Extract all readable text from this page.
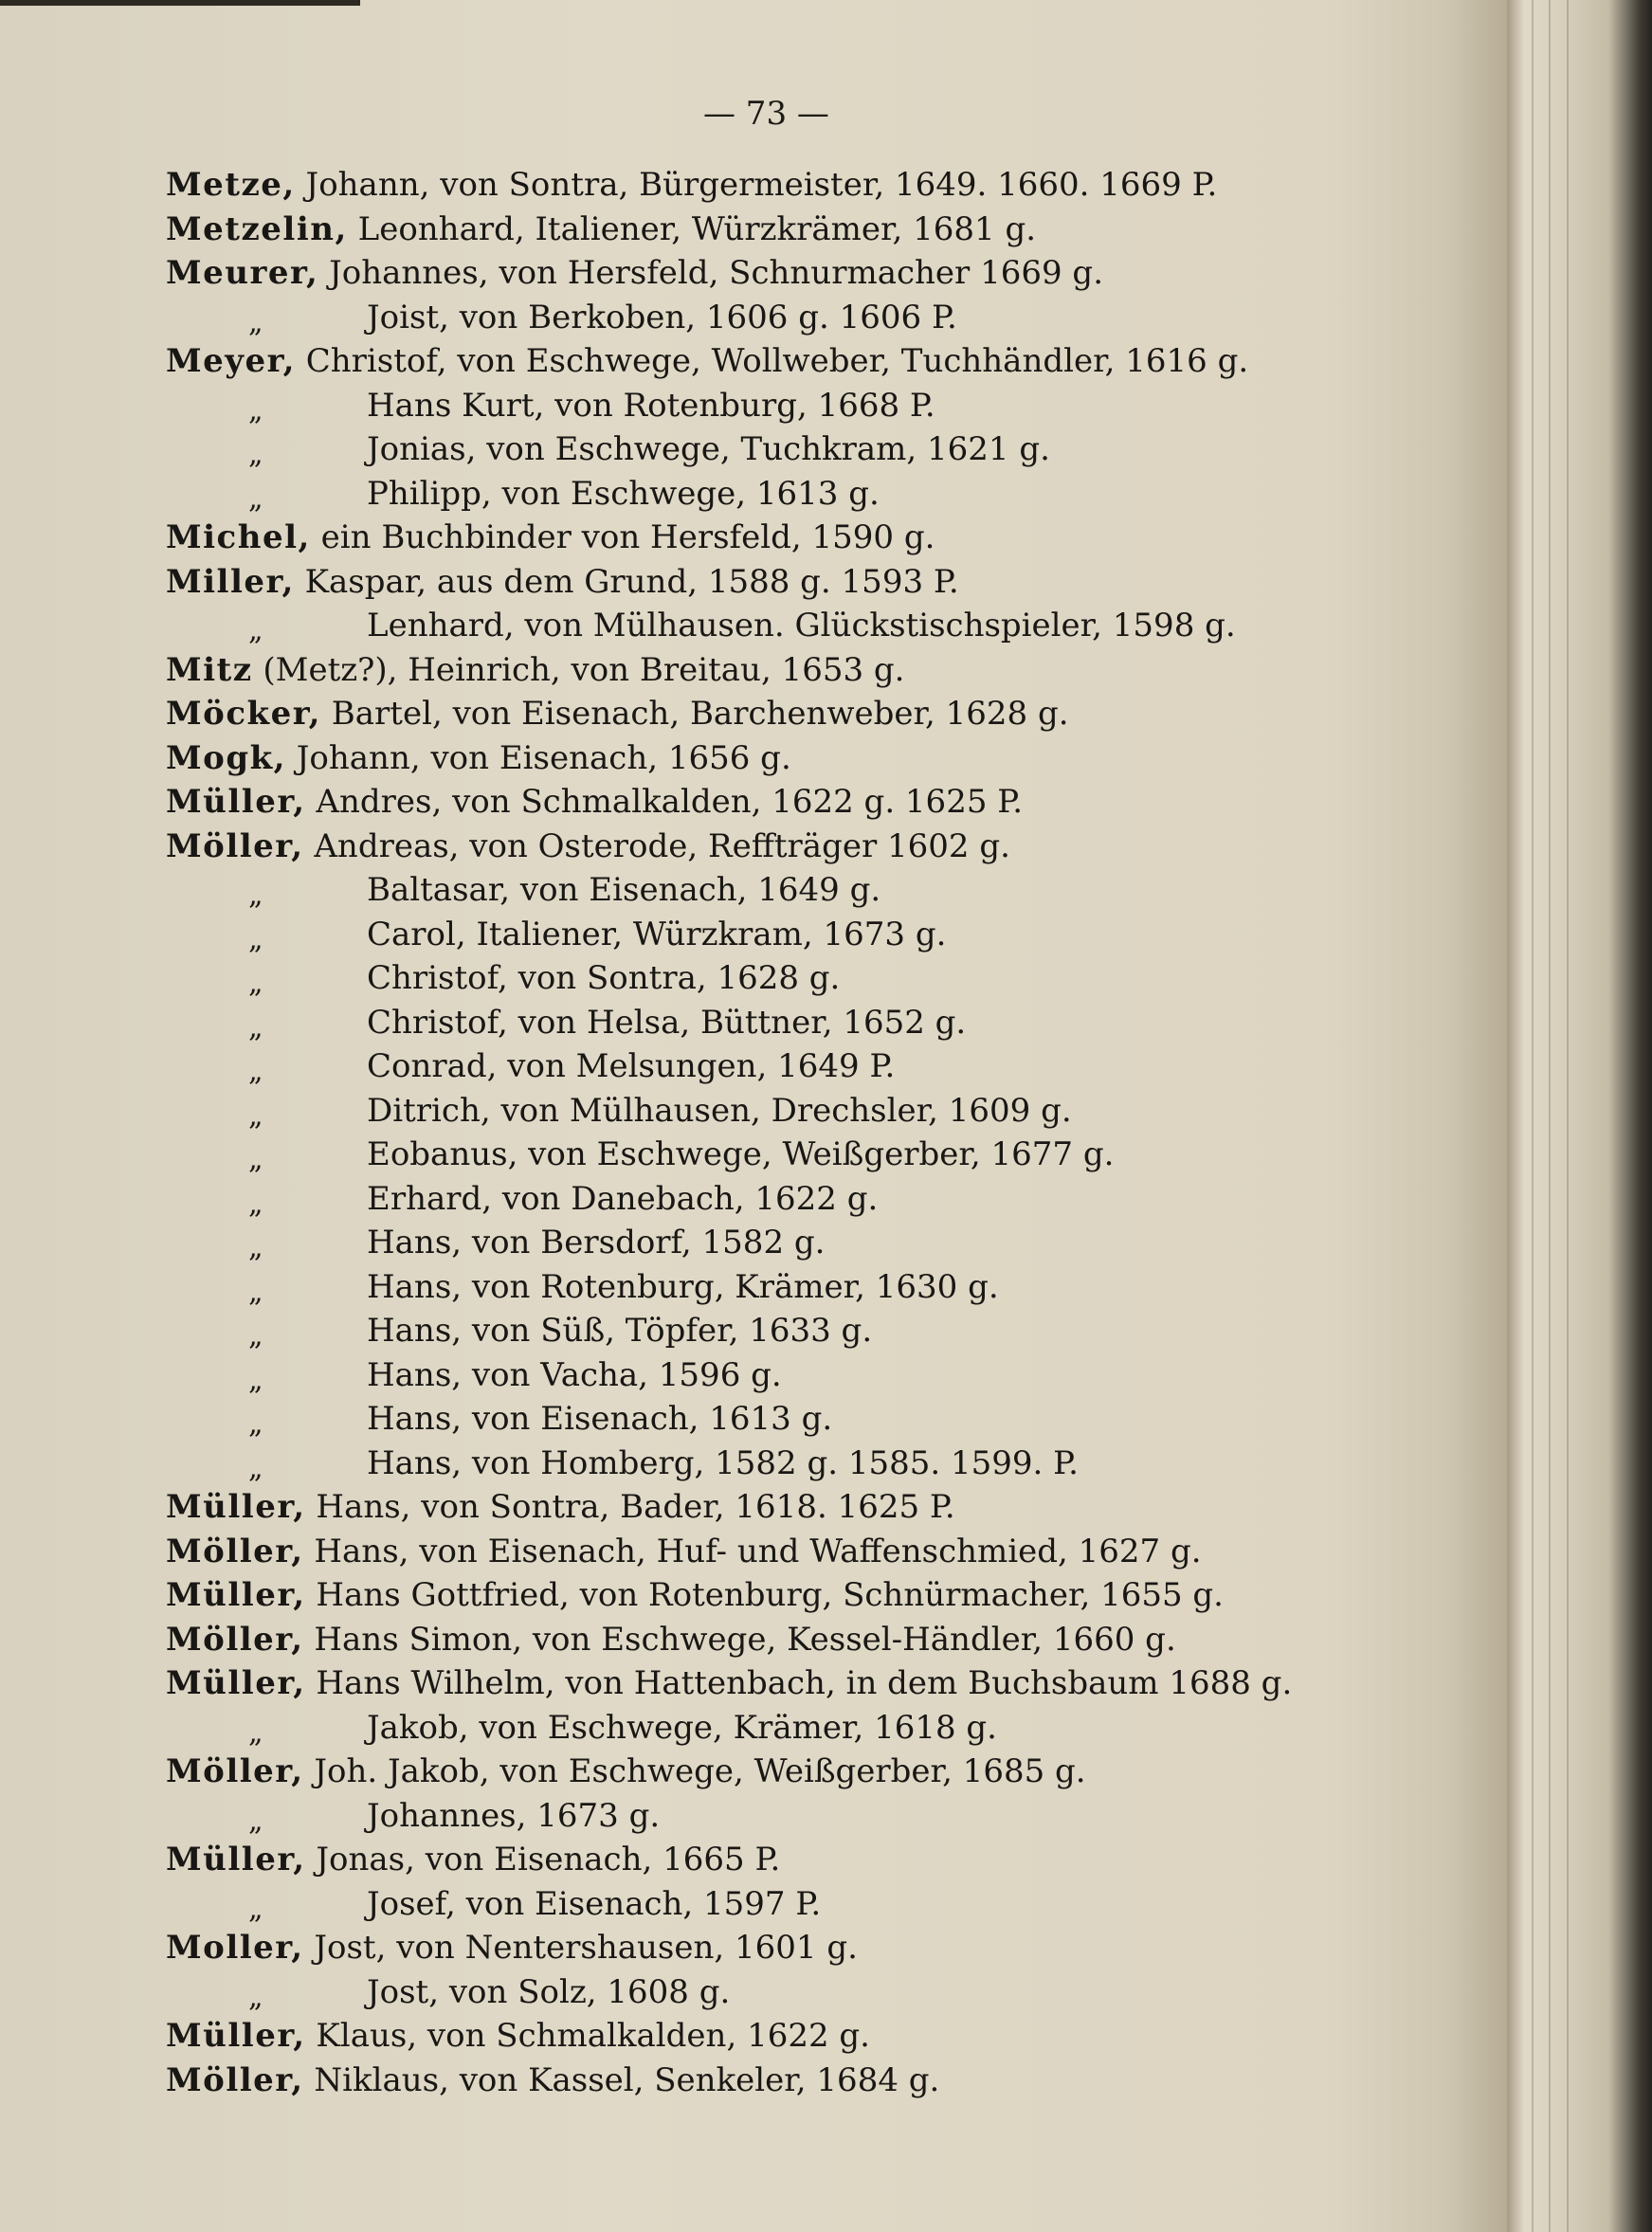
— 73 —
Metze, Johann, von Sontra, Bürgermeister, 1649. 1660. 1669 P.
Metzelin, Leonhard, Italiener, Würzkrämer, 1681 g.
Meurer, Johannes, von Hersfeld, Schnurmacher 1669 g.
„	Joist, von Berkoben, 1606 g. 1606 P.
Meyer, Christof, von Eschwege, Wollweber, Tuchhändler, 1616 g.
„	Hans Kurt, von Rotenburg, 1668 P.
„	Jonias, von Eschwege, Tuchkram, 1621 g.
„	Philipp, von Eschwege, 1613 g.
Michel, ein Buchbinder von Hersfeld, 1590 g.
Miller, Kaspar, aus dem Grund, 1588 g. 1593 P.
„	Lenhard, von Mülhausen. Glückstischspieler, 1598 g.
Mitz (Metz?), Heinrich, von Breitau, 1653 g.
Möcker, Bartel, von Eisenach, Barchenweber, 1628 g.
Mogk, Johann, von Eisenach, 1656 g.
Müller, Andres, von Schmalkalden, 1622 g. 1625 P.
Möller, Andreas, von Osterode, Reffträger 1602 g.
„	Baltasar, von Eisenach, 1649 g.
„	Carol, Italiener, Würzkram, 1673 g.
„	Christof, von Sontra, 1628 g.
„	Christof, von Helsa, Büttner, 1652 g.
„	Conrad, von Melsungen, 1649 P.
„	Ditrich, von Mülhausen, Drechsler, 1609 g.
„	Eobanus, von Eschwege, Weißgerber, 1677 g.
„	Erhard, von Danebach, 1622 g.
„	Hans, von Bersdorf, 1582 g.
„	Hans, von Rotenburg, Krämer, 1630 g.
„	Hans, von Süß, Töpfer, 1633 g.
„	Hans, von Vacha, 1596 g.
„	Hans, von Eisenach, 1613 g.
„	Hans, von Homberg, 1582 g. 1585. 1599. P.
Müller, Hans, von Sontra, Bader, 1618. 1625 P.
Möller, Hans, von Eisenach, Huf- und Waffenschmied, 1627 g.
Müller, Hans Gottfried, von Rotenburg, Schnürmacher, 1655 g.
Möller, Hans Simon, von Eschwege, Kessel-Händler, 1660 g.
Müller, Hans Wilhelm, von Hattenbach, in dem Buchsbaum 1688 g.
„	Jakob, von Eschwege, Krämer, 1618 g.
Möller, Joh. Jakob, von Eschwege, Weißgerber, 1685 g.
„	Johannes, 1673 g.
Müller, Jonas, von Eisenach, 1665 P.
„	Josef, von Eisenach, 1597 P.
Moller, Jost, von Nentershausen, 1601 g.
„	Jost, von Solz, 1608 g.
Müller, Klaus, von Schmalkalden, 1622 g.
Möller, Niklaus, von Kassel, Senkeler, 1684 g.
